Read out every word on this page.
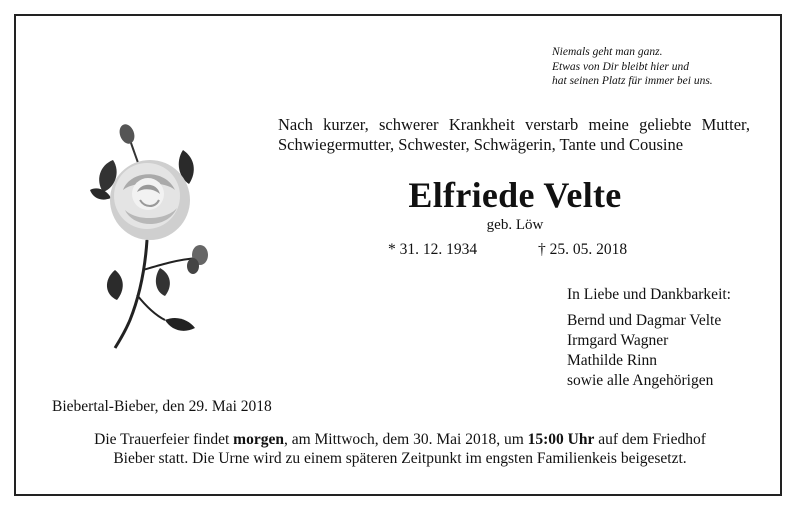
Niemals geht man ganz.
Etwas von Dir bleibt hier und
hat seinen Platz für immer bei uns.
Nach kurzer, schwerer Krankheit verstarb meine geliebte Mutter, Schwiegermutter, Schwester, Schwägerin, Tante und Cousine
Elfriede Velte
geb. Löw
* 31. 12. 1934	† 25. 05. 2018
In Liebe und Dankbarkeit:
Bernd und Dagmar Velte
Irmgard Wagner
Mathilde Rinn
sowie alle Angehörigen
Biebertal-Bieber, den 29. Mai 2018
Die Trauerfeier findet morgen, am Mittwoch, dem 30. Mai 2018, um 15:00 Uhr auf dem Friedhof
Bieber statt. Die Urne wird zu einem späteren Zeitpunkt im engsten Familienkeis beigesetzt.
